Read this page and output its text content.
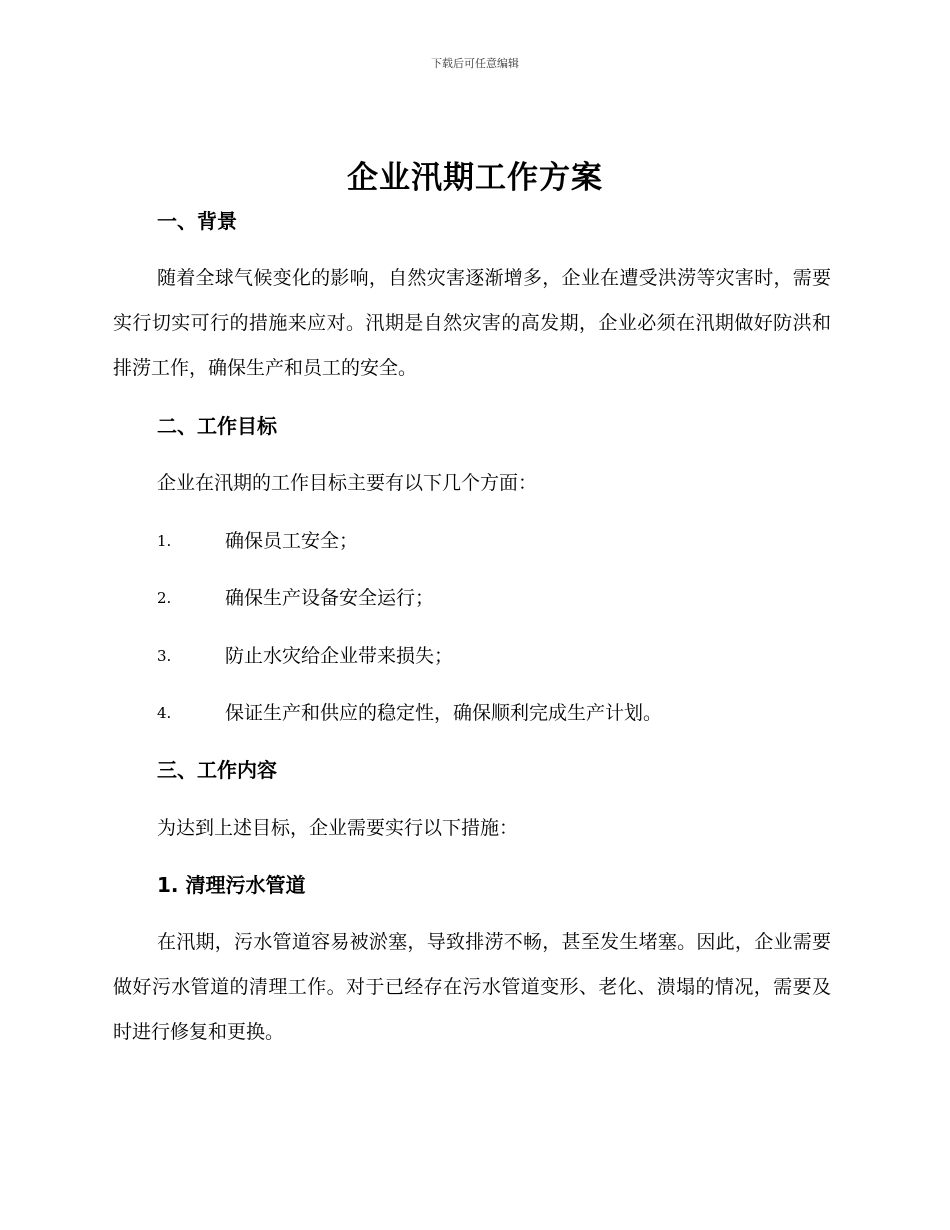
下载后可任意编辑
企业汛期工作方案
一、背景
随着全球气候变化的影响，自然灾害逐渐增多，企业在遭受洪涝等灾害时，需要实行切实可行的措施来应对。汛期是自然灾害的高发期，企业必须在汛期做好防洪和排涝工作，确保生产和员工的安全。
二、工作目标
企业在汛期的工作目标主要有以下几个方面：
1.	确保员工安全；
2.	确保生产设备安全运行；
3.	防止水灾给企业带来损失；
4.	保证生产和供应的稳定性，确保顺利完成生产计划。
三、工作内容
为达到上述目标，企业需要实行以下措施：
1. 清理污水管道
在汛期，污水管道容易被淤塞，导致排涝不畅，甚至发生堵塞。因此，企业需要做好污水管道的清理工作。对于已经存在污水管道变形、老化、溃塌的情况，需要及时进行修复和更换。
